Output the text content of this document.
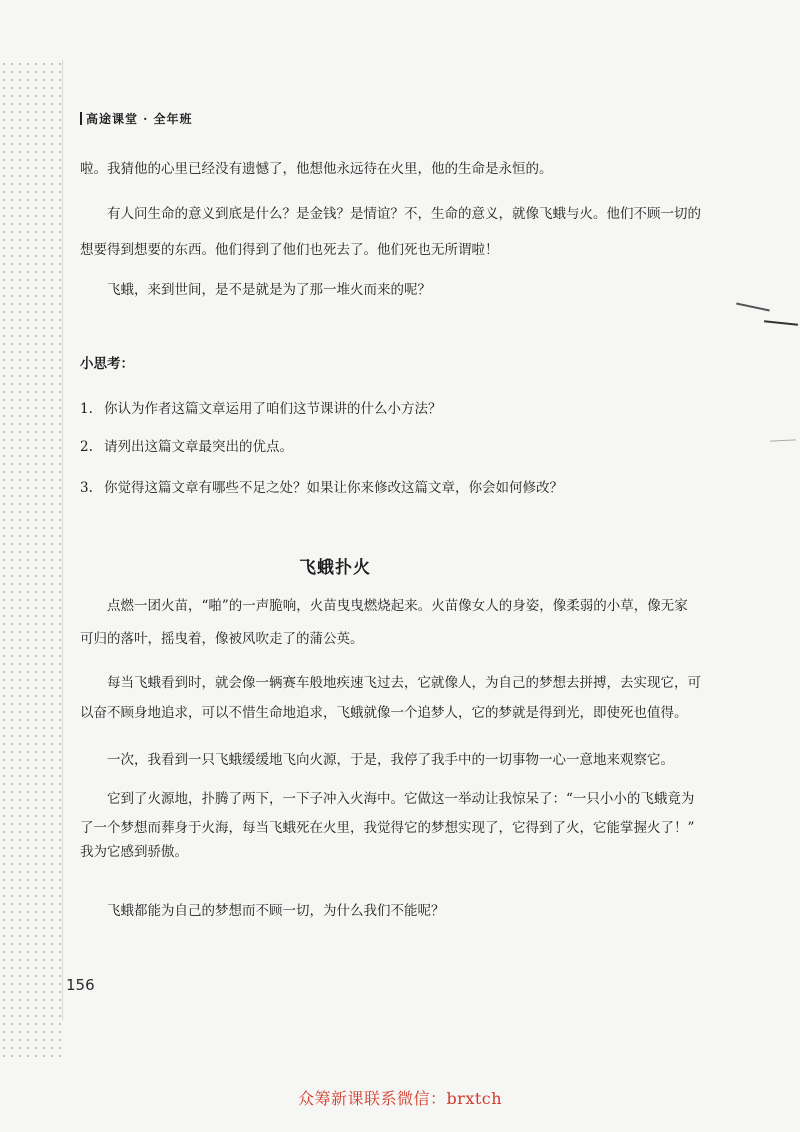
高途课堂 · 全年班

啦。我猜他的心里已经没有遗憾了，他想他永远待在火里，他的生命是永恒的。

有人问生命的意义到底是什么？是金钱？是情谊？不，生命的意义，就像飞蛾与火。他们不顾一切的
想要得到想要的东西。他们得到了他们也死去了。他们死也无所谓啦！

飞蛾，来到世间，是不是就是为了那一堆火而来的呢？

小思考：
1. 你认为作者这篇文章运用了咱们这节课讲的什么小方法？
2. 请列出这篇文章最突出的优点。
3. 你觉得这篇文章有哪些不足之处？如果让你来修改这篇文章，你会如何修改？
飞蛾扑火

点燃一团火苗，“啪”的一声脆响，火苗曳曳燃烧起来。火苗像女人的身姿，像柔弱的小草，像无家
可归的落叶，摇曳着，像被风吹走了的蒲公英。

每当飞蛾看到时，就会像一辆赛车般地疾速飞过去，它就像人，为自己的梦想去拼搏，去实现它，可
以奋不顾身地追求，可以不惜生命地追求，飞蛾就像一个追梦人，它的梦就是得到光，即使死也值得。

一次，我看到一只飞蛾缓缓地飞向火源，于是，我停了我手中的一切事物一心一意地来观察它。

它到了火源地，扑腾了两下，一下子冲入火海中。它做这一举动让我惊呆了：“一只小小的飞蛾竟为
了一个梦想而葬身于火海，每当飞蛾死在火里，我觉得它的梦想实现了，它得到了火，它能掌握火了！”
我为它感到骄傲。

飞蛾都能为自己的梦想而不顾一切，为什么我们不能呢？

156
众筹新课联系微信：brxtch
